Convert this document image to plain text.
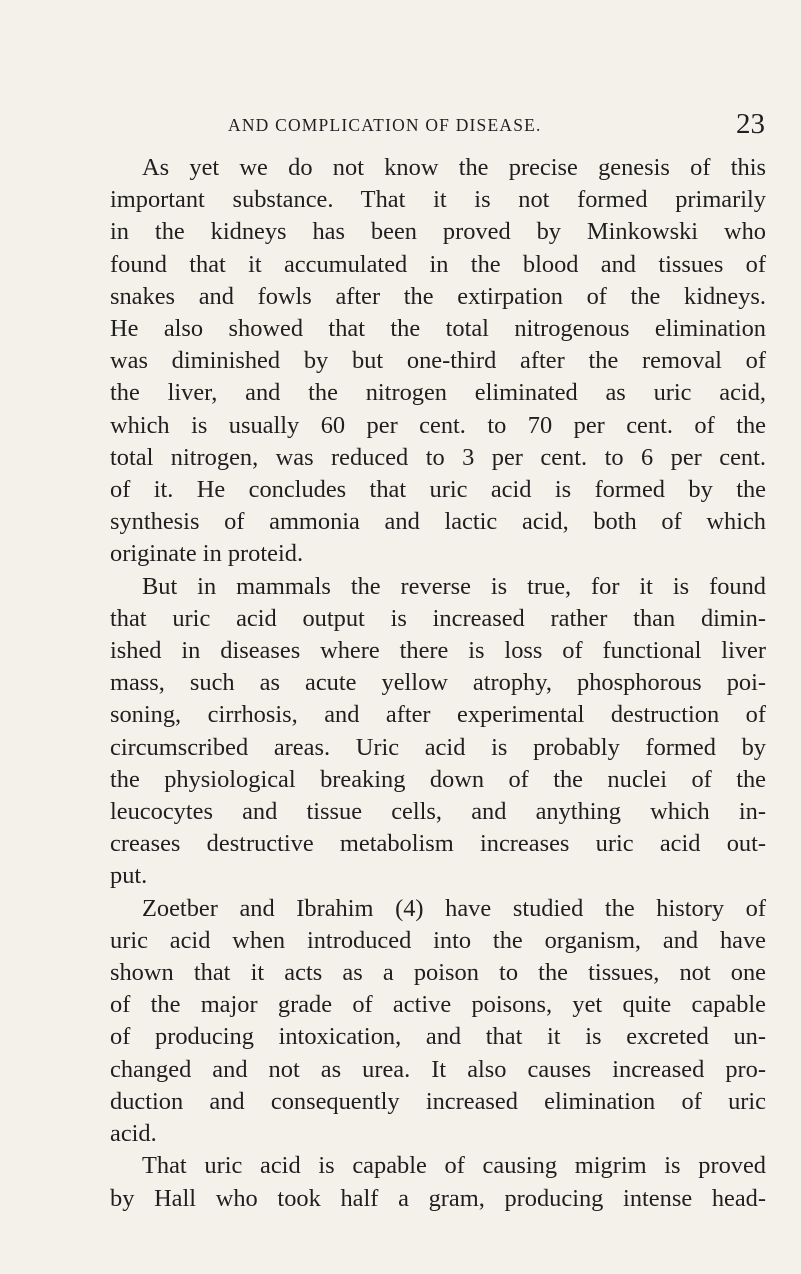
AND COMPLICATION OF DISEASE.	23
As yet we do not know the precise genesis of this
important substance. That it is not formed primarily
in the kidneys has been proved by Minkowski who
found that it accumulated in the blood and tissues of
snakes and fowls after the extirpation of the kidneys.
He also showed that the total nitrogenous elimination
was diminished by but one-third after the removal of
the liver, and the nitrogen eliminated as uric acid,
which is usually 60 per cent. to 70 per cent. of the
total nitrogen, was reduced to 3 per cent. to 6 per cent.
of it. He concludes that uric acid is formed by the
synthesis of ammonia and lactic acid, both of which
originate in proteid.
But in mammals the reverse is true, for it is found
that uric acid output is increased rather than dimin-
ished in diseases where there is loss of functional liver
mass, such as acute yellow atrophy, phosphorous poi-
soning, cirrhosis, and after experimental destruction of
circumscribed areas. Uric acid is probably formed by
the physiological breaking down of the nuclei of the
leucocytes and tissue cells, and anything which in-
creases destructive metabolism increases uric acid out-
put.
Zoetber and Ibrahim (4) have studied the history of
uric acid when introduced into the organism, and have
shown that it acts as a poison to the tissues, not one
of the major grade of active poisons, yet quite capable
of producing intoxication, and that it is excreted un-
changed and not as urea. It also causes increased pro-
duction and consequently increased elimination of uric
acid.
That uric acid is capable of causing migrim is proved
by Hall who took half a gram, producing intense head-
